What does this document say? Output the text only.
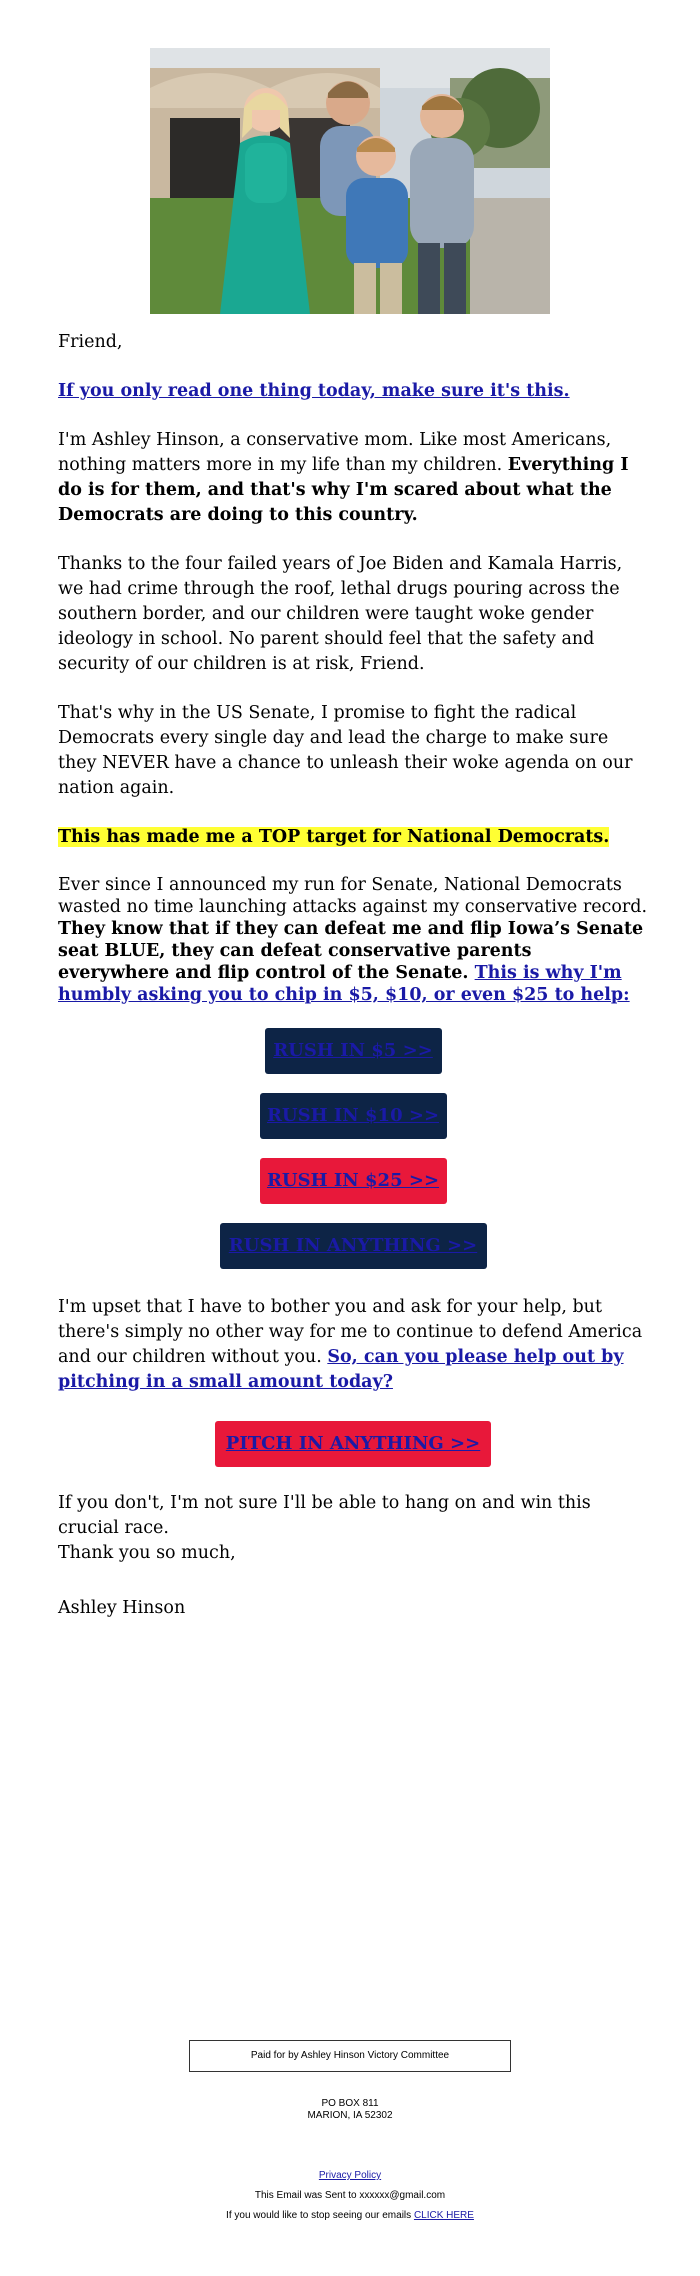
Friend,

If you only read one thing today, make sure it's this.

I'm Ashley Hinson, a conservative mom. Like most Americans, nothing matters more in my life than my children. Everything I do is for them, and that's why I'm scared about what the Democrats are doing to this country.

Thanks to the four failed years of Joe Biden and Kamala Harris, we had crime through the roof, lethal drugs pouring across the southern border, and our children were taught woke gender ideology in school. No parent should feel that the safety and security of our children is at risk, Friend.

That's why in the US Senate, I promise to fight the radical Democrats every single day and lead the charge to make sure they NEVER have a chance to unleash their woke agenda on our nation again.

This has made me a TOP target for National Democrats.

Ever since I announced my run for Senate, National Democrats wasted no time launching attacks against my conservative record. They know that if they can defeat me and flip Iowa’s Senate seat BLUE, they can defeat conservative parents everywhere and flip control of the Senate. This is why I'm humbly asking you to chip in $5, $10, or even $25 to help:

RUSH IN $5 >>
RUSH IN $10 >>
RUSH IN $25 >>
RUSH IN ANYTHING >>

I'm upset that I have to bother you and ask for your help, but there's simply no other way for me to continue to defend America and our children without you. So, can you please help out by pitching in a small amount today?

PITCH IN ANYTHING >>

If you don't, I'm not sure I'll be able to hang on and win this crucial race.
Thank you so much,

Ashley Hinson

Paid for by Ashley Hinson Victory Committee
PO BOX 811
MARION, IA 52302
Privacy Policy
This Email was Sent to xxxxxx@gmail.com
If you would like to stop seeing our emails CLICK HERE
